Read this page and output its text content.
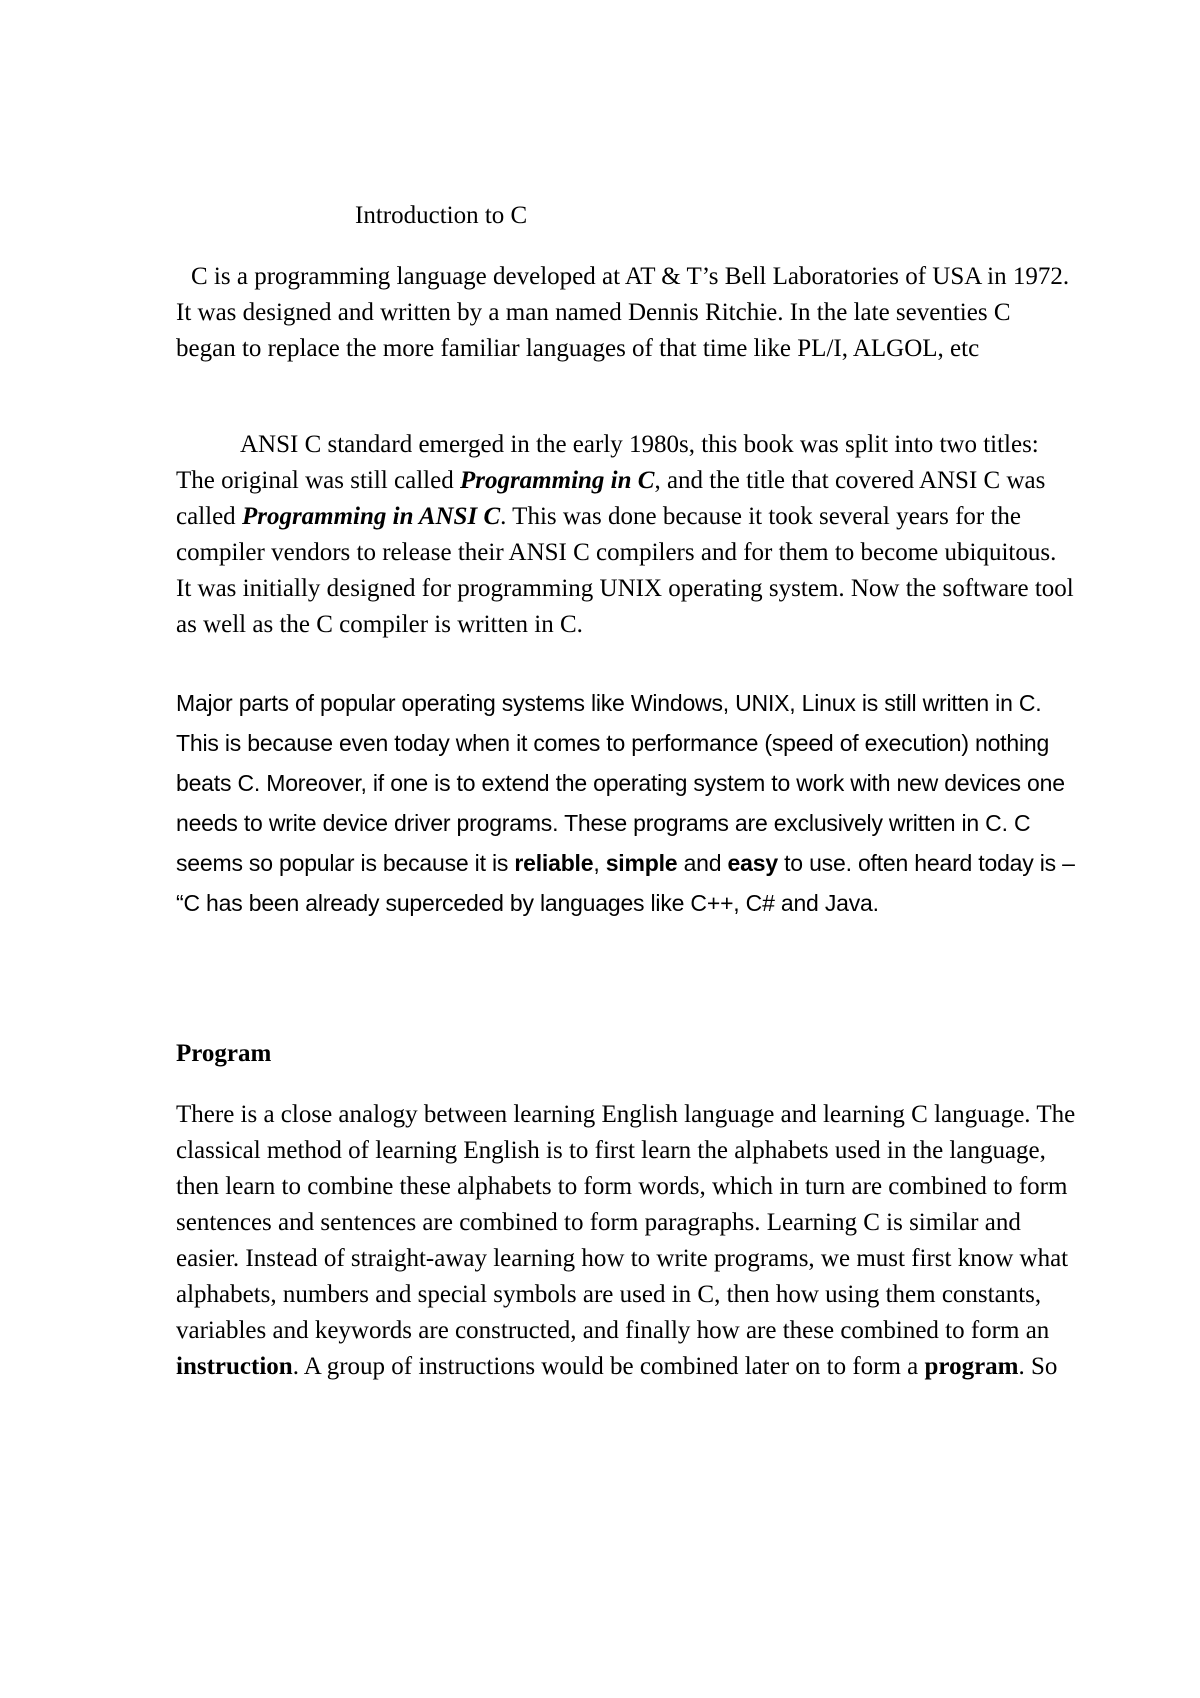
Introduction to C

C is a programming language developed at AT & T’s Bell Laboratories of USA in 1972. It was designed and written by a man named Dennis Ritchie. In the late seventies C began to replace the more familiar languages of that time like PL/I, ALGOL, etc

ANSI C standard emerged in the early 1980s, this book was split into two titles: The original was still called Programming in C, and the title that covered ANSI C was called Programming in ANSI C. This was done because it took several years for the compiler vendors to release their ANSI C compilers and for them to become ubiquitous. It was initially designed for programming UNIX operating system. Now the software tool as well as the C compiler is written in C.

Major parts of popular operating systems like Windows, UNIX, Linux is still written in C. This is because even today when it comes to performance (speed of execution) nothing beats C. Moreover, if one is to extend the operating system to work with new devices one needs to write device driver programs. These programs are exclusively written in C. C seems so popular is because it is reliable, simple and easy to use. often heard today is – “C has been already superceded by languages like C++, C# and Java.

Program

There is a close analogy between learning English language and learning C language. The classical method of learning English is to first learn the alphabets used in the language, then learn to combine these alphabets to form words, which in turn are combined to form sentences and sentences are combined to form paragraphs. Learning C is similar and easier. Instead of straight-away learning how to write programs, we must first know what alphabets, numbers and special symbols are used in C, then how using them constants, variables and keywords are constructed, and finally how are these combined to form an instruction. A group of instructions would be combined later on to form a program. So
